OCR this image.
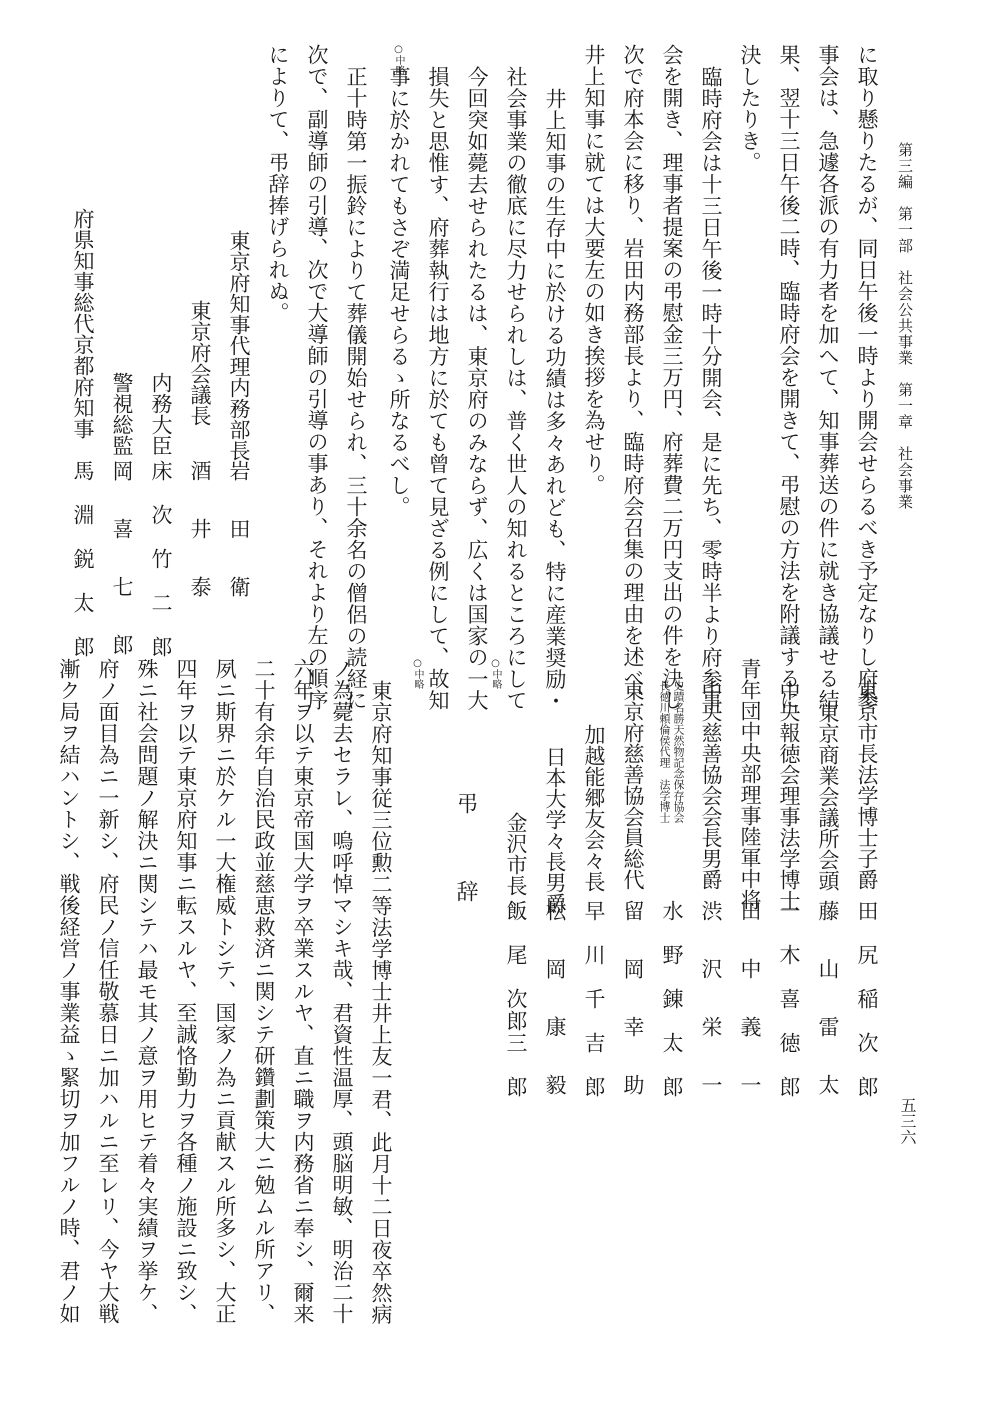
第三編　第一部　社会公共事業　第一章　社会事業
五三六
に取り懸りたるが、同日午後一時より開会せらるべき予定なりし府参
事会は、急遽各派の有力者を加へて、知事葬送の件に就き協議せる結
果、翌十三日午後二時、臨時府会を開きて、弔慰の方法を附議するに
決したりき。
臨時府会は十三日午後一時十分開会、是に先ち、零時半より府参事
会を開き、理事者提案の弔慰金三万円、府葬費二万円支出の件を決し
次で府本会に移り、岩田内務部長より、臨時府会召集の理由を述べ、
井上知事に就ては大要左の如き挨拶を為せり。
井上知事の生存中に於ける功績は多々あれども、特に産業奨励・
社会事業の徹底に尽力せられしは、普く世人の知れるところにして
今回突如薨去せられたるは、東京府のみならず、広くは国家の一大
損失と思惟す、府葬執行は地方に於ても曾て見ざる例にして、故知
事に於かれてもさぞ満足せらるゝ所なるべし。
○中略
正十時第一振鈴によりて葬儀開始せられ、三十余名の僧侶の読経に
次で、副導師の引導、次で大導師の引導の事あり、それより左の順序
によりて、弔辞捧げられぬ。
東京府知事代理内務部長
岩　田　衛
東京府会議長
酒　井　泰
内務大臣
床　次　竹　二　郎
警視総監
岡　喜　七　郎
府県知事総代京都府知事
馬　淵　鋭　太　郎
東京市長法学博士子爵
田　尻　稲　次　郎
東京商業会議所会頭
藤　山　雷　太
中央報徳会理事法学博士
一　木　喜　徳　郎
青年団中央部理事陸軍中将
田　中　義　一
中央慈善協会会長男爵
渋　沢　栄　一
史蹟名勝天然物記念保存協会
長徳川頼倫侯代理　法学博士
水　野　錬　太　郎
東京府慈善協会員総代
留　岡　幸　助
加越能郷友会々長
早　川　千　吉　郎
日本大学々長男爵
松　岡　康　毅
金沢市長
飯　尾　次郎三　郎
○中略
弔　辞
○中略
東京府知事従三位勲二等法学博士井上友一君、此月十二日夜卒然病
ノ為薨去セラレ、嗚呼悼マシキ哉、君資性温厚、頭脳明敏、明治二十
六年ヲ以テ東京帝国大学ヲ卒業スルヤ、直ニ職ヲ内務省ニ奉シ、爾来
二十有余年自治民政並慈恵救済ニ関シテ研鑽劃策大ニ勉ムル所アリ、
夙ニ斯界ニ於ケル一大権威トシテ、国家ノ為ニ貢献スル所多シ、大正
四年ヲ以テ東京府知事ニ転スルヤ、至誠恪勤力ヲ各種ノ施設ニ致シ、
殊ニ社会問題ノ解決ニ関シテハ最モ其ノ意ヲ用ヒテ着々実績ヲ挙ケ、
府ノ面目為ニ一新シ、府民ノ信任敬慕日ニ加ハルニ至レリ、今ヤ大戦
漸ク局ヲ結ハントシ、戦後経営ノ事業益ゝ緊切ヲ加フルノ時、君ノ如
